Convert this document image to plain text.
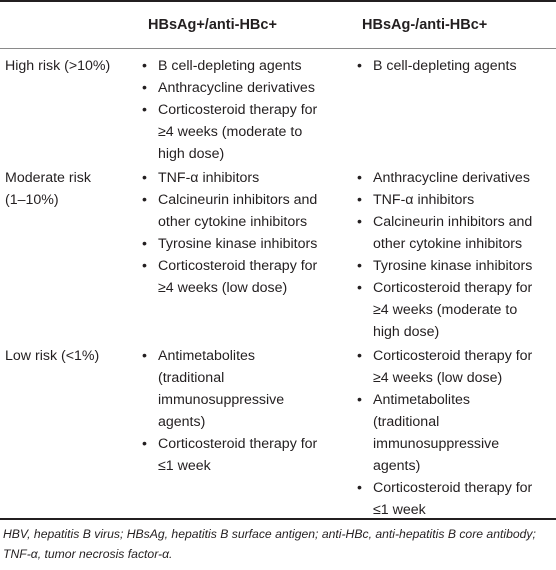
HBsAg+/anti-HBc+	HBsAg-/anti-HBc+
High risk (>10%) • B cell-depleting agents
• Anthracycline derivatives
• Corticosteroid therapy for
≥4 weeks (moderate to
high dose)
• B cell-depleting agents
Moderate risk
(1–10%)
• TNF-α inhibitors
• Calcineurin inhibitors and
other cytokine inhibitors
• Tyrosine kinase inhibitors
• Corticosteroid therapy for
≥4 weeks (low dose)
• Anthracycline derivatives
• TNF-α inhibitors
• Calcineurin inhibitors and
other cytokine inhibitors
• Tyrosine kinase inhibitors
• Corticosteroid therapy for
≥4 weeks (moderate to
high dose)
Low risk (<1%)	• Antimetabolites
(traditional
immunosuppressive
agents)
• Corticosteroid therapy for
≤1 week
• Corticosteroid therapy for
≥4 weeks (low dose)
• Antimetabolites
(traditional
immunosuppressive
agents)
• Corticosteroid therapy for
≤1 week
HBV, hepatitis B virus; HBsAg, hepatitis B surface antigen; anti-HBc, anti-hepatitis B core antibody; TNF-α, tumor necrosis factor-α.
